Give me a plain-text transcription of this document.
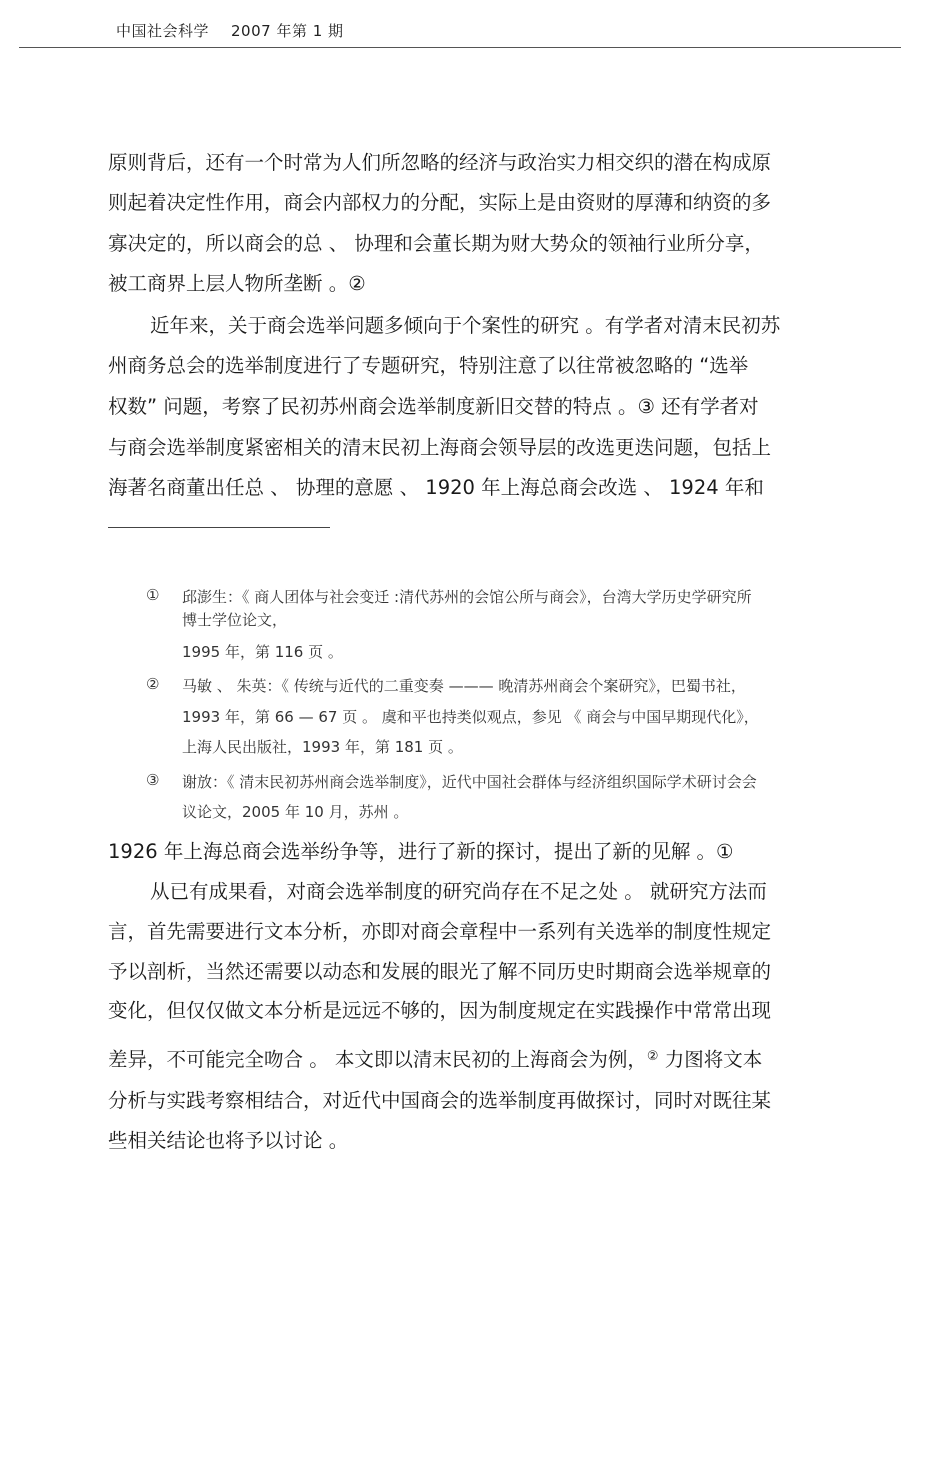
中国社会科学 2007 年第 1 期
原则背后，还有一个时常为人们所忽略的经济与政治实力相交织的潜在构成原
则起着决定性作用，商会内部权力的分配，实际上是由资财的厚薄和纳资的多
寡决定的，所以商会的总 、 协理和会董长期为财大势众的领袖行业所分享，
被工商界上层人物所垄断 。②
近年来，关于商会选举问题多倾向于个案性的研究 。有学者对清末民初苏
州商务总会的选举制度进行了专题研究，特别注意了以往常被忽略的 “选举
权数” 问题，考察了民初苏州商会选举制度新旧交替的特点 。③ 还有学者对
与商会选举制度紧密相关的清末民初上海商会领导层的改选更迭问题，包括上
海著名商董出任总 、 协理的意愿 、 1920 年上海总商会改选 、 1924 年和
① 邱澎生：《 商人团体与社会变迁 :清代苏州的会馆公所与商会》，台湾大学历史学研究所
博士学位论文，
1995 年，第 116 页 。
② 马敏 、 朱英：《 传统与近代的二重变奏 ——— 晚清苏州商会个案研究》，巴蜀书社，
1993 年，第 66 — 67 页 。 虞和平也持类似观点，参见 《 商会与中国早期现代化》，
上海人民出版社，1993 年，第 181 页 。
③ 谢放：《 清末民初苏州商会选举制度》，近代中国社会群体与经济组织国际学术研讨会会
议论文，2005 年 10 月，苏州 。
1926 年上海总商会选举纷争等，进行了新的探讨，提出了新的见解 。①
从已有成果看，对商会选举制度的研究尚存在不足之处 。 就研究方法而
言，首先需要进行文本分析，亦即对商会章程中一系列有关选举的制度性规定
予以剖析，当然还需要以动态和发展的眼光了解不同历史时期商会选举规章的
变化，但仅仅做文本分析是远远不够的，因为制度规定在实践操作中常常出现
差异，不可能完全吻合 。 本文即以清末民初的上海商会为例，② 力图将文本
分析与实践考察相结合，对近代中国商会的选举制度再做探讨，同时对既往某
些相关结论也将予以讨论 。
